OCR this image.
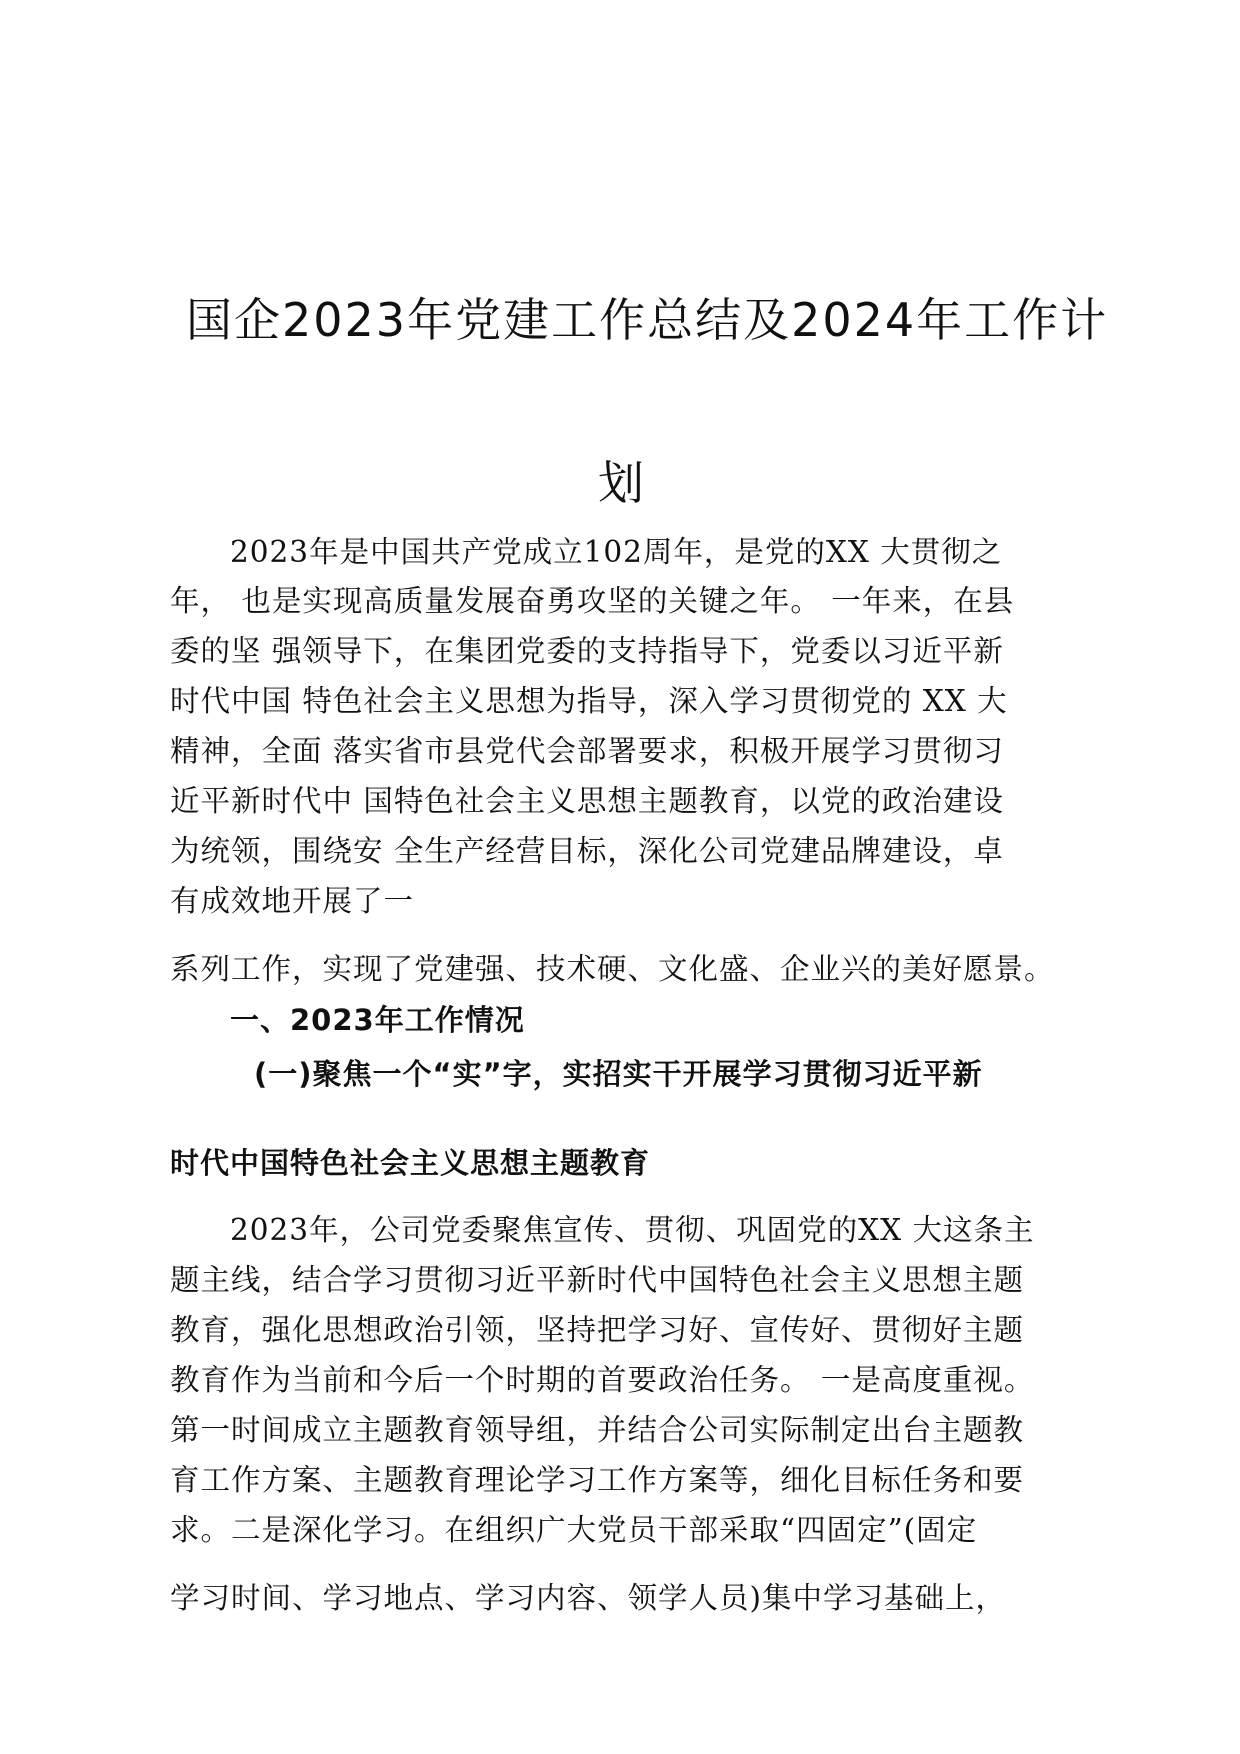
国企2023年党建工作总结及2024年工作计
划
2023年是中国共产党成立102周年，是党的XX 大贯彻之
年， 也是实现高质量发展奋勇攻坚的关键之年。 一年来，在县
委的坚 强领导下，在集团党委的支持指导下，党委以习近平新
时代中国 特色社会主义思想为指导，深入学习贯彻党的 XX 大
精神，全面 落实省市县党代会部署要求，积极开展学习贯彻习
近平新时代中 国特色社会主义思想主题教育，以党的政治建设
为统领，围绕安 全生产经营目标，深化公司党建品牌建设，卓
有成效地开展了一
系列工作，实现了党建强、技术硬、文化盛、企业兴的美好愿景。
一、2023年工作情况
(一)聚焦一个“实”字，实招实干开展学习贯彻习近平新
时代中国特色社会主义思想主题教育
2023年，公司党委聚焦宣传、贯彻、巩固党的XX 大这条主
题主线，结合学习贯彻习近平新时代中国特色社会主义思想主题
教育，强化思想政治引领，坚持把学习好、宣传好、贯彻好主题
教育作为当前和今后一个时期的首要政治任务。 一是高度重视。
第一时间成立主题教育领导组，并结合公司实际制定出台主题教
育工作方案、主题教育理论学习工作方案等，细化目标任务和要
求。二是深化学习。在组织广大党员干部采取“四固定”(固定
学习时间、学习地点、学习内容、领学人员)集中学习基础上，
